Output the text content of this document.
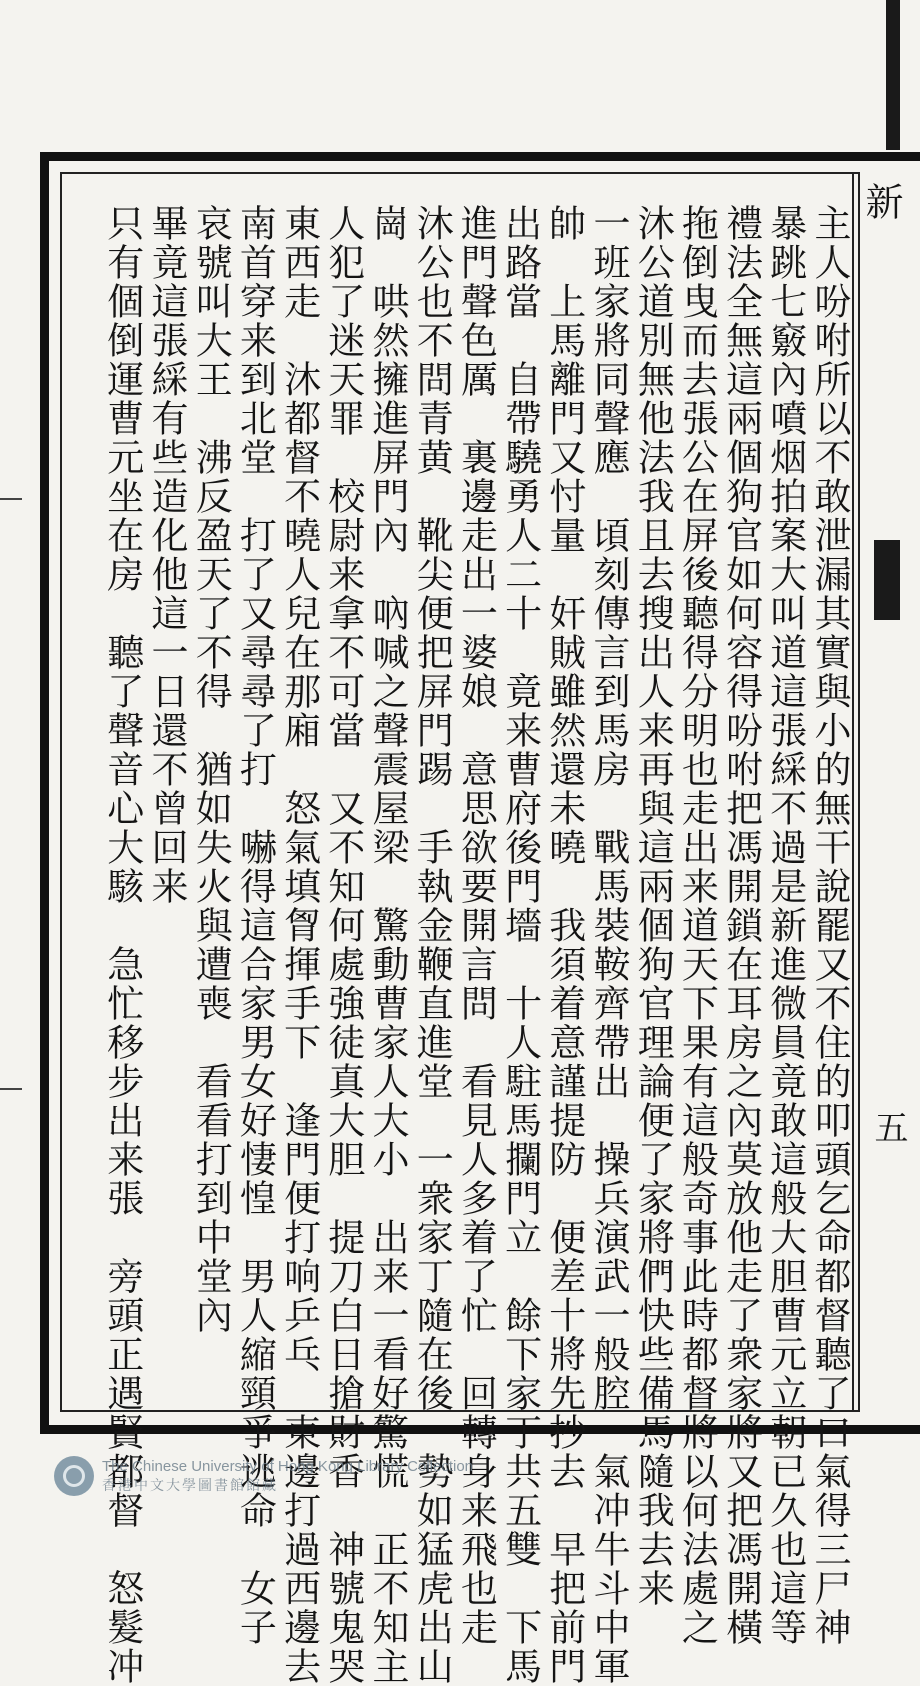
新
五
主人吩咐所以不敢泄漏其實與小的無干說罷又不住的叩頭乞命都督聽了口氣得三尸神
暴跳七竅內噴烟拍案大叫道這張綵不過是新進微員竟敢這般大胆曹元立朝已久也這等
禮法全無這兩個狗官如何容得吩咐把馮開鎖在耳房之內莫放他走了衆家將又把馮開橫
拖倒曳而去張公在屏後聽得分明也走出来道天下果有這般奇事此時都督將以何法處之
沐公道別無他法我且去搜出人来再與這兩個狗官理論便了家將們快些備馬隨我去来
一班家將同聲應　頃刻傳言到馬房　戰馬裝鞍齊帶出　操兵演武一般腔　氣冲牛斗中軍
帥　上馬離門又忖量　奸賊雖然還未曉　我須着意謹提防　便差十將先抄去　早把前門
出路當　自帶驍勇人二十　竟来曹府後門墻　十人駐馬攔門立　餘下家丁共五雙　下馬
進門聲色厲　裏邊走出一婆娘　意思欲要開言問　看見人多着了忙　回轉身来飛也走
沐公也不問青黄　靴尖便把屏門踢　手執金鞭直進堂　一衆家丁隨在後　勢如猛虎出山
崗　哄然擁進屏門內　吶喊之聲震屋梁　驚動曹家人大小　出来一看好驚慌　正不知主
人犯了迷天罪　校尉来拿不可當　又不知何處強徒真大胆　提刀白日搶財香　神號鬼哭
東西走　沐都督不曉人兒在那廂　怒氣填胷揮手下　逢門便打响乒乓　東邊打過西邊去
南首穿来到北堂　打了又尋尋了打　嚇得這合家男女好悽惶　男人縮頸爭逃命　女子
哀號叫大王　沸反盈天了不得　猶如失火與遭喪　看看打到中堂內
畢竟這張綵有些造化他這一日還不曾回来
只有個倒運曹元坐在房　聽了聲音心大駭　急忙移步出来張　旁頭正遇賢都督　怒髮冲
The Chinese University of Hong Kong Library Collection
香港中文大學圖書館館藏
